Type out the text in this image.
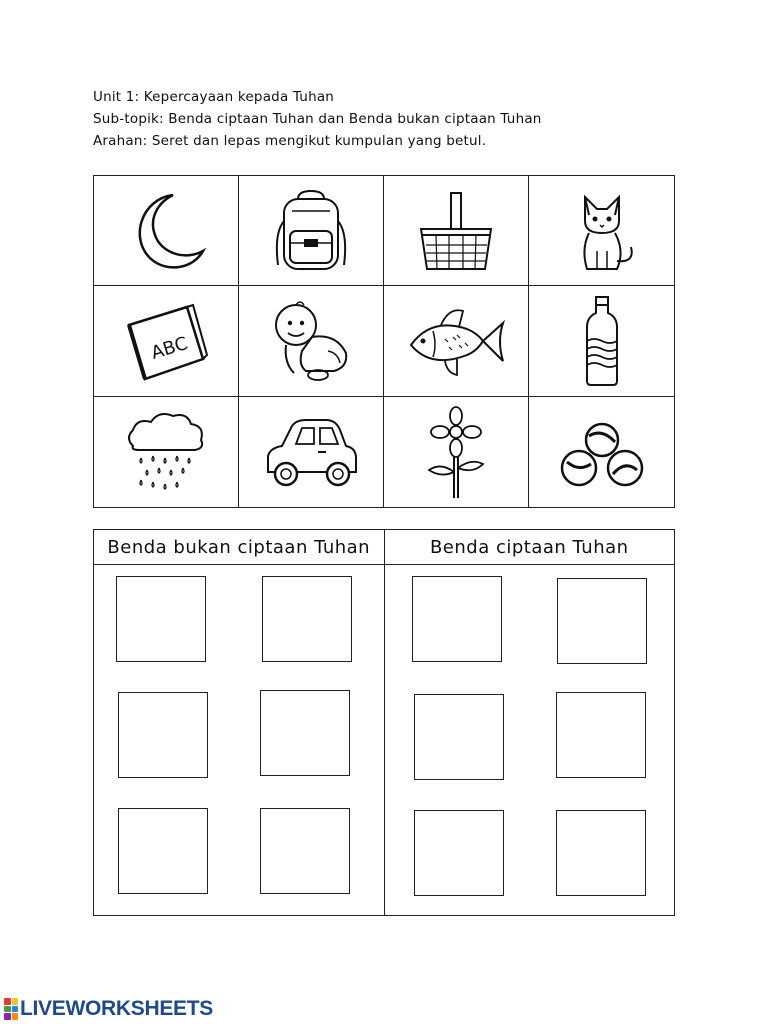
Unit 1: Kepercayaan kepada Tuhan
Sub-topik: Benda ciptaan Tuhan dan Benda bukan ciptaan Tuhan
Arahan: Seret dan lepas mengikut kumpulan yang betul.
ABC
Benda bukan ciptaan Tuhan	Benda ciptaan Tuhan
LIVEWORKSHEETS
